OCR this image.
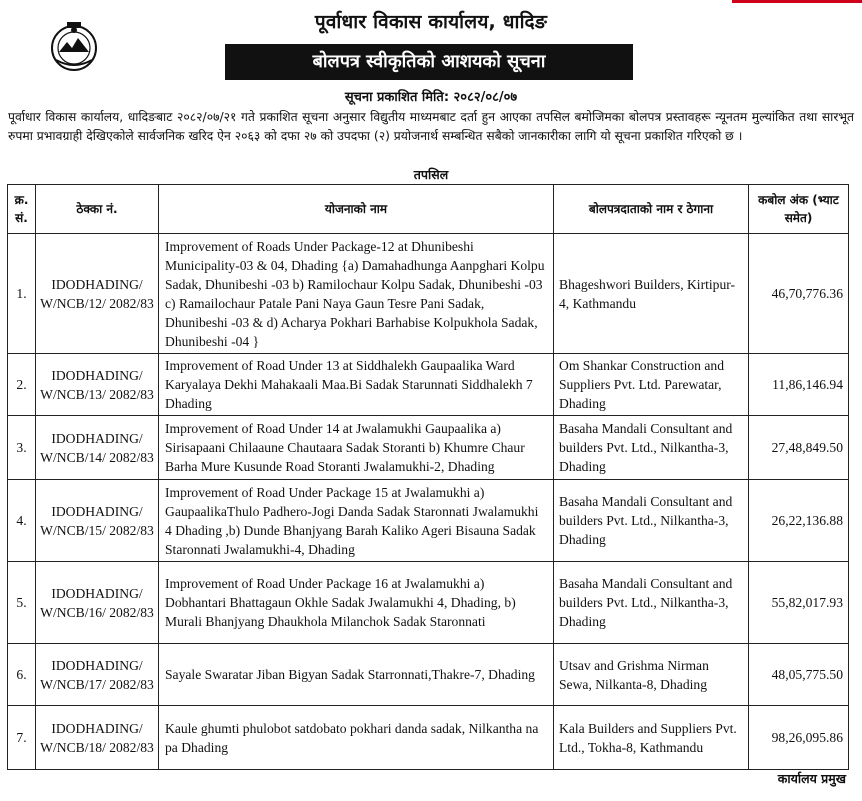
पूर्वाधार विकास कार्यालय, धादिङ
बोलपत्र स्वीकृतिको आशयको सूचना
सूचना प्रकाशित मिति: २०८२/०८/०७
पूर्वाधार विकास कार्यालय, धादिङबाट २०८२/०७/२१ गते प्रकाशित सूचना अनुसार विद्युतीय माध्यमबाट दर्ता हुन आएका तपसिल बमोजिमका बोलपत्र प्रस्तावहरू न्यूनतम मुल्यांकित तथा सारभूत रुपमा प्रभावग्राही देखिएकोले सार्वजनिक खरिद ऐन २०६३ को दफा २७ को उपदफा (२) प्रयोजनार्थ सम्बन्धित सबैको जानकारीका लागि यो सूचना प्रकाशित गरिएको छ ।
तपसिल
क्र. सं.	ठेक्का नं.	योजनाको नाम	बोलपत्रदाताको नाम र ठेगाना	कबोल अंक (भ्याट समेत)
1.	IDODHADING/ W/NCB/12/ 2082/83	Improvement of Roads Under Package-12 at Dhunibeshi Municipality-03 & 04, Dhading {a) Damahadhunga Aanpghari Kolpu Sadak, Dhunibeshi -03 b) Ramilochaur Kolpu Sadak, Dhunibeshi -03 c) Ramailochaur Patale Pani Naya Gaun Tesre Pani Sadak, Dhunibeshi -03 & d) Acharya Pokhari Barhabise Kolpukhola Sadak, Dhunibeshi -04 }	Bhageshwori Builders, Kirtipur-4, Kathmandu	46,70,776.36
2.	IDODHADING/ W/NCB/13/ 2082/83	Improvement of Road Under 13 at Siddhalekh Gaupaalika Ward Karyalaya Dekhi Mahakaali Maa.Bi Sadak Starunnati Siddhalekh 7 Dhading	Om Shankar Construction and Suppliers Pvt. Ltd. Parewatar, Dhading	11,86,146.94
3.	IDODHADING/ W/NCB/14/ 2082/83	Improvement of Road Under 14 at Jwalamukhi Gaupaalika a) Sirisapaani Chilaaune Chautaara Sadak Storanti b) Khumre Chaur Barha Mure Kusunde Road Storanti Jwalamukhi-2, Dhading	Basaha Mandali Consultant and builders Pvt. Ltd., Nilkantha-3, Dhading	27,48,849.50
4.	IDODHADING/ W/NCB/15/ 2082/83	Improvement of Road Under Package 15 at Jwalamukhi a) GaupaalikaThulo Padhero-Jogi Danda Sadak Staronnati Jwalamukhi 4 Dhading ,b) Dunde Bhanjyang Barah Kaliko Ageri Bisauna Sadak Staronnati Jwalamukhi-4, Dhading	Basaha Mandali Consultant and builders Pvt. Ltd., Nilkantha-3, Dhading	26,22,136.88
5.	IDODHADING/ W/NCB/16/ 2082/83	Improvement of Road Under Package 16 at Jwalamukhi a) Dobhantari Bhattagaun Okhle Sadak Jwalamukhi 4, Dhading, b) Murali Bhanjyang Dhaukhola Milanchok Sadak Staronnati	Basaha Mandali Consultant and builders Pvt. Ltd., Nilkantha-3, Dhading	55,82,017.93
6.	IDODHADING/ W/NCB/17/ 2082/83	Sayale Swaratar Jiban Bigyan Sadak Starronnati,Thakre-7, Dhading	Utsav and Grishma Nirman Sewa, Nilkanta-8, Dhading	48,05,775.50
7.	IDODHADING/ W/NCB/18/ 2082/83	Kaule ghumti phulobot satdobato pokhari danda sadak, Nilkantha na pa Dhading	Kala Builders and Suppliers Pvt. Ltd., Tokha-8, Kathmandu	98,26,095.86
कार्यालय प्रमुख
